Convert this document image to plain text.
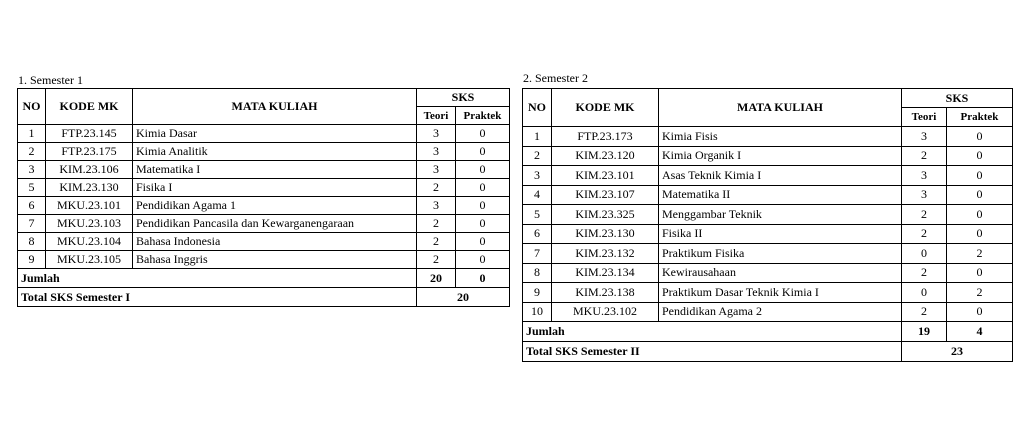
1. Semester 1
NO	KODE MK	MATA KULIAH	SKS	
			Teori	Praktek
1	FTP.23.145	Kimia Dasar	3	0
2	FTP.23.175	Kimia Analitik	3	0
3	KIM.23.106	Matematika I	3	0
5	KIM.23.130	Fisika I	2	0
6	MKU.23.101	Pendidikan Agama 1	3	0
7	MKU.23.103	Pendidikan Pancasila dan Kewarganengaraan	2	0
8	MKU.23.104	Bahasa Indonesia	2	0
9	MKU.23.105	Bahasa Inggris	2	0
Jumlah			20	0
Total SKS Semester I			20	
2. Semester 2
NO	KODE MK	MATA KULIAH	SKS	
			Teori	Praktek
1	FTP.23.173	Kimia Fisis	3	0
2	KIM.23.120	Kimia Organik I	2	0
3	KIM.23.101	Asas Teknik Kimia I	3	0
4	KIM.23.107	Matematika II	3	0
5	KIM.23.325	Menggambar Teknik	2	0
6	KIM.23.130	Fisika II	2	0
7	KIM.23.132	Praktikum Fisika	0	2
8	KIM.23.134	Kewirausahaan	2	0
9	KIM.23.138	Praktikum Dasar Teknik Kimia I	0	2
10	MKU.23.102	Pendidikan Agama 2	2	0
Jumlah			19	4
Total SKS Semester II			23	
